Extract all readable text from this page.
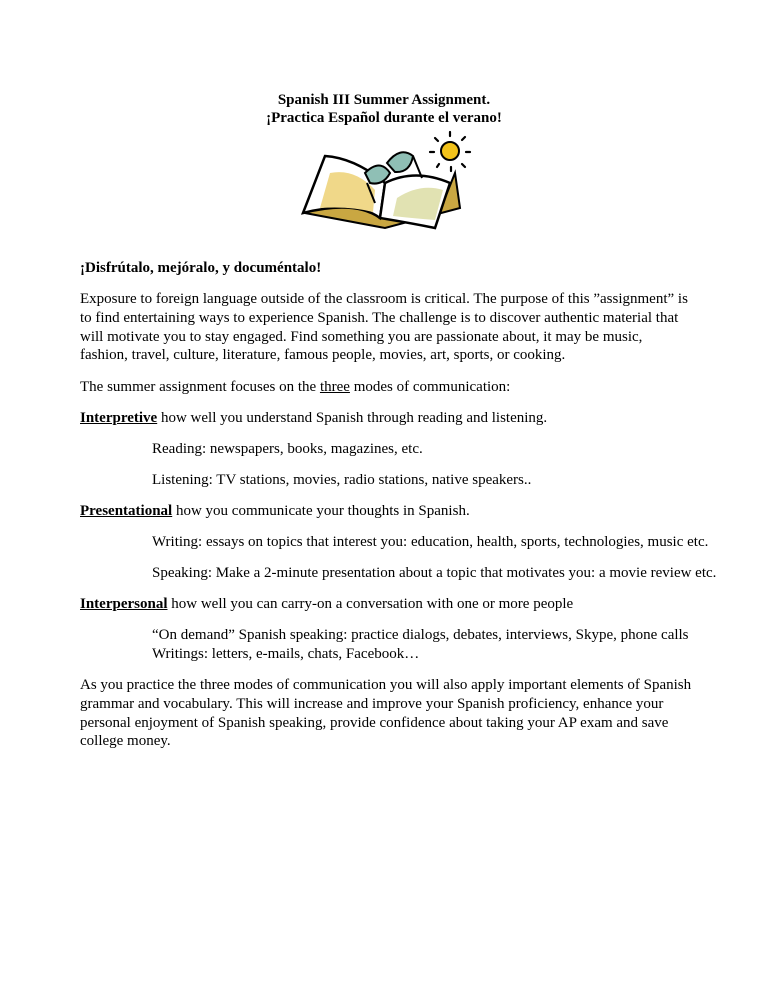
Spanish III Summer Assignment.
¡Practica Español durante el verano!
¡Disfrútalo, mejóralo, y documéntalo!

Exposure to foreign language outside of the classroom is critical. The purpose of this ”assignment” is to find entertaining ways to experience Spanish. The challenge is to discover authentic material that will motivate you to stay engaged. Find something you are passionate about, it may be music, fashion, travel, culture, literature, famous people, movies, art, sports, or cooking.

The summer assignment focuses on the three modes of communication:
Interpretive how well you understand Spanish through reading and listening.
Reading: newspapers, books, magazines, etc.
Listening: TV stations, movies, radio stations, native speakers..
Presentational how you communicate your thoughts in Spanish.
Writing: essays on topics that interest you: education, health, sports, technologies, music etc.
Speaking: Make a 2-minute presentation about a topic that motivates you: a movie review etc.
Interpersonal how well you can carry-on a conversation with one or more people
“On demand” Spanish speaking: practice dialogs, debates, interviews, Skype, phone calls
Writings: letters, e-mails, chats, Facebook…

As you practice the three modes of communication you will also apply important elements of Spanish grammar and vocabulary. This will increase and improve your Spanish proficiency, enhance your personal enjoyment of Spanish speaking, provide confidence about taking your AP exam and save college money.
